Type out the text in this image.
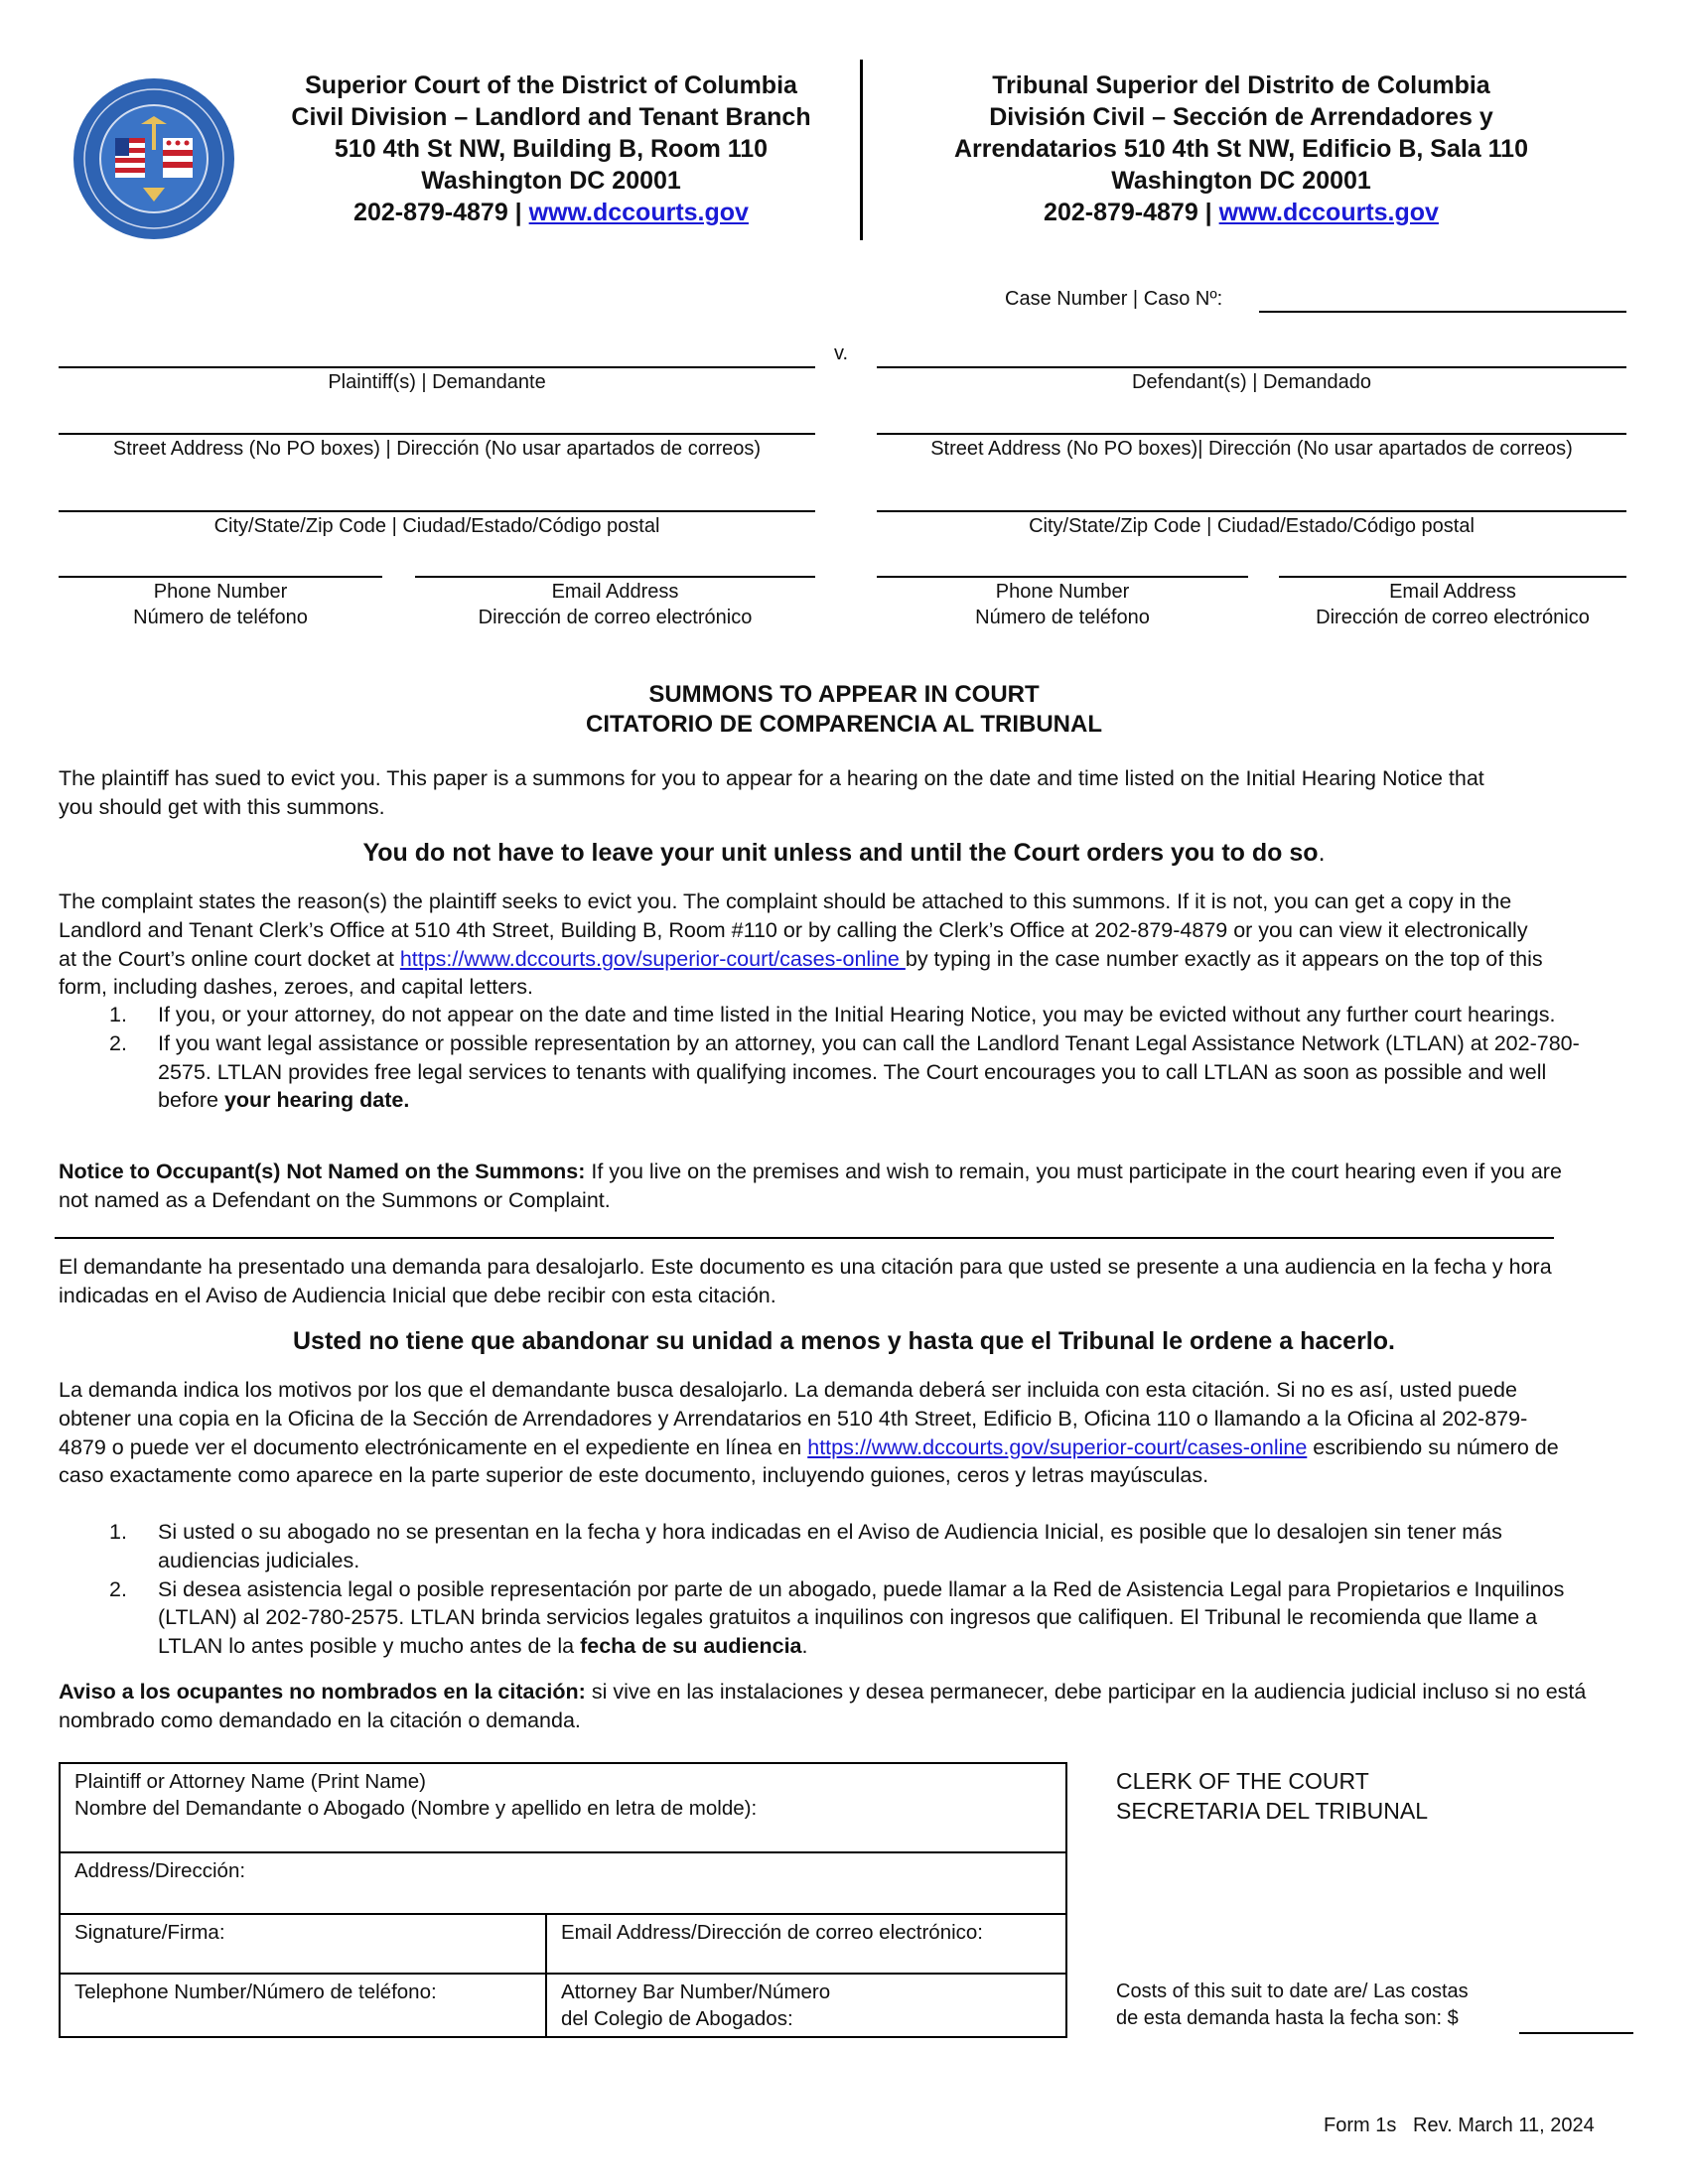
Superior Court of the District of Columbia
Civil Division – Landlord and Tenant Branch
510 4th St NW, Building B, Room 110
Washington DC 20001
202-879-4879 | www.dccourts.gov
Tribunal Superior del Distrito de Columbia
División Civil – Sección de Arrendadores y
Arrendatarios 510 4th St NW, Edificio B, Sala 110
Washington DC 20001
202-879-4879 | www.dccourts.gov
Case Number | Caso Nº:
v.
Plaintiff(s) | Demandante	Defendant(s) | Demandado
Street Address (No PO boxes) | Dirección (No usar apartados de correos)	Street Address (No PO boxes)| Dirección (No usar apartados de correos)
City/State/Zip Code | Ciudad/Estado/Código postal	City/State/Zip Code | Ciudad/Estado/Código postal
Phone Number
Número de teléfono
Email Address
Dirección de correo electrónico
Phone Number
Número de teléfono
Email Address
Dirección de correo electrónico
SUMMONS TO APPEAR IN COURT
CITATORIO DE COMPARENCIA AL TRIBUNAL
The plaintiff has sued to evict you. This paper is a summons for you to appear for a hearing on the date and time listed on the Initial Hearing Notice that you should get with this summons.
You do not have to leave your unit unless and until the Court orders you to do so.
The complaint states the reason(s) the plaintiff seeks to evict you. The complaint should be attached to this summons. If it is not, you can get a copy in the Landlord and Tenant Clerk’s Office at 510 4th Street, Building B, Room #110 or by calling the Clerk’s Office at 202-879-4879 or you can view it electronically at the Court’s online court docket at https://www.dccourts.gov/superior-court/cases-online by typing in the case number exactly as it appears on the top of this form, including dashes, zeroes, and capital letters.
1. If you, or your attorney, do not appear on the date and time listed in the Initial Hearing Notice, you may be evicted without any further court hearings.
2. If you want legal assistance or possible representation by an attorney, you can call the Landlord Tenant Legal Assistance Network (LTLAN) at 202-780-2575. LTLAN provides free legal services to tenants with qualifying incomes. The Court encourages you to call LTLAN as soon as possible and well before your hearing date.
Notice to Occupant(s) Not Named on the Summons: If you live on the premises and wish to remain, you must participate in the court hearing even if you are not named as a Defendant on the Summons or Complaint.
El demandante ha presentado una demanda para desalojarlo. Este documento es una citación para que usted se presente a una audiencia en la fecha y hora indicadas en el Aviso de Audiencia Inicial que debe recibir con esta citación.
Usted no tiene que abandonar su unidad a menos y hasta que el Tribunal le ordene a hacerlo.
La demanda indica los motivos por los que el demandante busca desalojarlo. La demanda deberá ser incluida con esta citación. Si no es así, usted puede obtener una copia en la Oficina de la Sección de Arrendadores y Arrendatarios en 510 4th Street, Edificio B, Oficina 110 o llamando a la Oficina al 202-879-4879 o puede ver el documento electrónicamente en el expediente en línea en https://www.dccourts.gov/superior-court/cases-online escribiendo su número de caso exactamente como aparece en la parte superior de este documento, incluyendo guiones, ceros y letras mayúsculas.
1. Si usted o su abogado no se presentan en la fecha y hora indicadas en el Aviso de Audiencia Inicial, es posible que lo desalojen sin tener más audiencias judiciales.
2. Si desea asistencia legal o posible representación por parte de un abogado, puede llamar a la Red de Asistencia Legal para Propietarios e Inquilinos (LTLAN) al 202-780-2575. LTLAN brinda servicios legales gratuitos a inquilinos con ingresos que califiquen. El Tribunal le recomienda que llame a LTLAN lo antes posible y mucho antes de la fecha de su audiencia.
Aviso a los ocupantes no nombrados en la citación: si vive en las instalaciones y desea permanecer, debe participar en la audiencia judicial incluso si no está nombrado como demandado en la citación o demanda.
Plaintiff or Attorney Name (Print Name)
Nombre del Demandante o Abogado (Nombre y apellido en letra de molde):	

Address/Dirección:	
Signature/Firma:	Email Address/Dirección de correo electrónico:
Telephone Number/Número de teléfono:	Attorney Bar Number/Número
del Colegio de Abogados:
CLERK OF THE COURT
SECRETARIA DEL TRIBUNAL
Costs of this suit to date are/ Las costas
de esta demanda hasta la fecha son: $
Form 1s Rev. March 11, 2024
